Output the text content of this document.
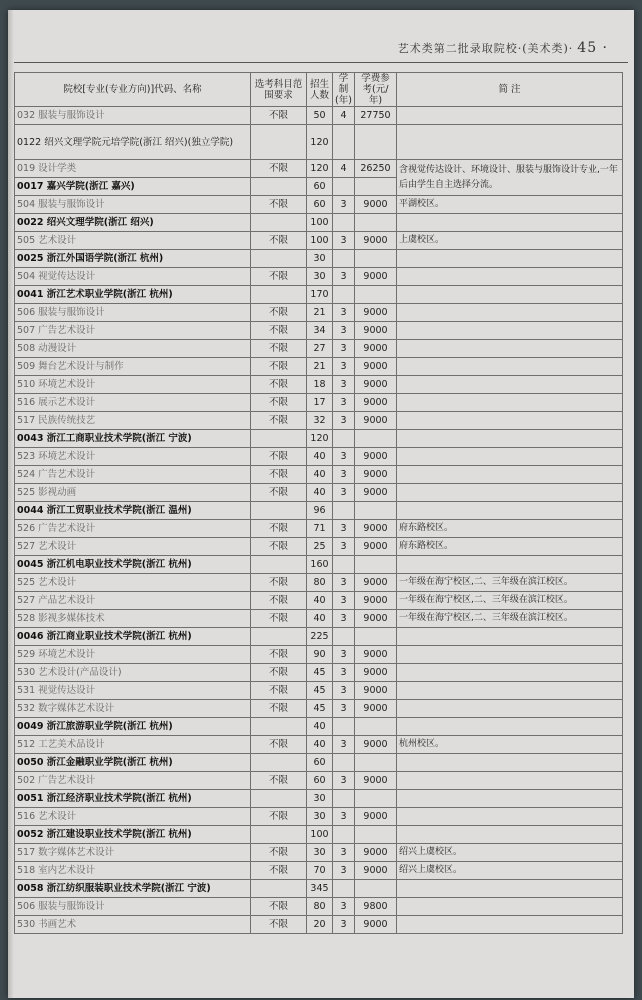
艺术类第二批录取院校·(美术类)· 45 ·
院校[专业(专业方向)]代码、名称	选考科目范围要求	招生人数	学制(年)	学费参考(元/年)	简 注
032 服装与服饰设计	不限	50	4	27750	
0122 绍兴文理学院元培学院(浙江 绍兴)(独立学院)		120			
019 设计学类	不限	120	4	26250	含视觉传达设计、环境设计、服装与服饰设计专业,一年后由学生自主选择分流。
0017 嘉兴学院(浙江 嘉兴)		60			
504 服装与服饰设计	不限	60	3	9000	平湖校区。
0022 绍兴文理学院(浙江 绍兴)		100			
505 艺术设计	不限	100	3	9000	上虞校区。
0025 浙江外国语学院(浙江 杭州)		30			
504 视觉传达设计	不限	30	3	9000	
0041 浙江艺术职业学院(浙江 杭州)		170			
506 服装与服饰设计	不限	21	3	9000	
507 广告艺术设计	不限	34	3	9000	
508 动漫设计	不限	27	3	9000	
509 舞台艺术设计与制作	不限	21	3	9000	
510 环境艺术设计	不限	18	3	9000	
516 展示艺术设计	不限	17	3	9000	
517 民族传统技艺	不限	32	3	9000	
0043 浙江工商职业技术学院(浙江 宁波)		120			
523 环境艺术设计	不限	40	3	9000	
524 广告艺术设计	不限	40	3	9000	
525 影视动画	不限	40	3	9000	
0044 浙江工贸职业技术学院(浙江 温州)		96			
526 广告艺术设计	不限	71	3	9000	府东路校区。
527 艺术设计	不限	25	3	9000	府东路校区。
0045 浙江机电职业技术学院(浙江 杭州)		160			
525 艺术设计	不限	80	3	9000	一年级在海宁校区,二、三年级在滨江校区。
527 产品艺术设计	不限	40	3	9000	一年级在海宁校区,二、三年级在滨江校区。
528 影视多媒体技术	不限	40	3	9000	一年级在海宁校区,二、三年级在滨江校区。
0046 浙江商业职业技术学院(浙江 杭州)		225			
529 环境艺术设计	不限	90	3	9000	
530 艺术设计(产品设计)	不限	45	3	9000	
531 视觉传达设计	不限	45	3	9000	
532 数字媒体艺术设计	不限	45	3	9000	
0049 浙江旅游职业学院(浙江 杭州)		40			
512 工艺美术品设计	不限	40	3	9000	杭州校区。
0050 浙江金融职业学院(浙江 杭州)		60			
502 广告艺术设计	不限	60	3	9000	
0051 浙江经济职业技术学院(浙江 杭州)		30			
516 艺术设计	不限	30	3	9000	
0052 浙江建设职业技术学院(浙江 杭州)		100			
517 数字媒体艺术设计	不限	30	3	9000	绍兴上虞校区。
518 室内艺术设计	不限	70	3	9000	绍兴上虞校区。
0058 浙江纺织服装职业技术学院(浙江 宁波)		345			
506 服装与服饰设计	不限	80	3	9800	
530 书画艺术	不限	20	3	9000	
